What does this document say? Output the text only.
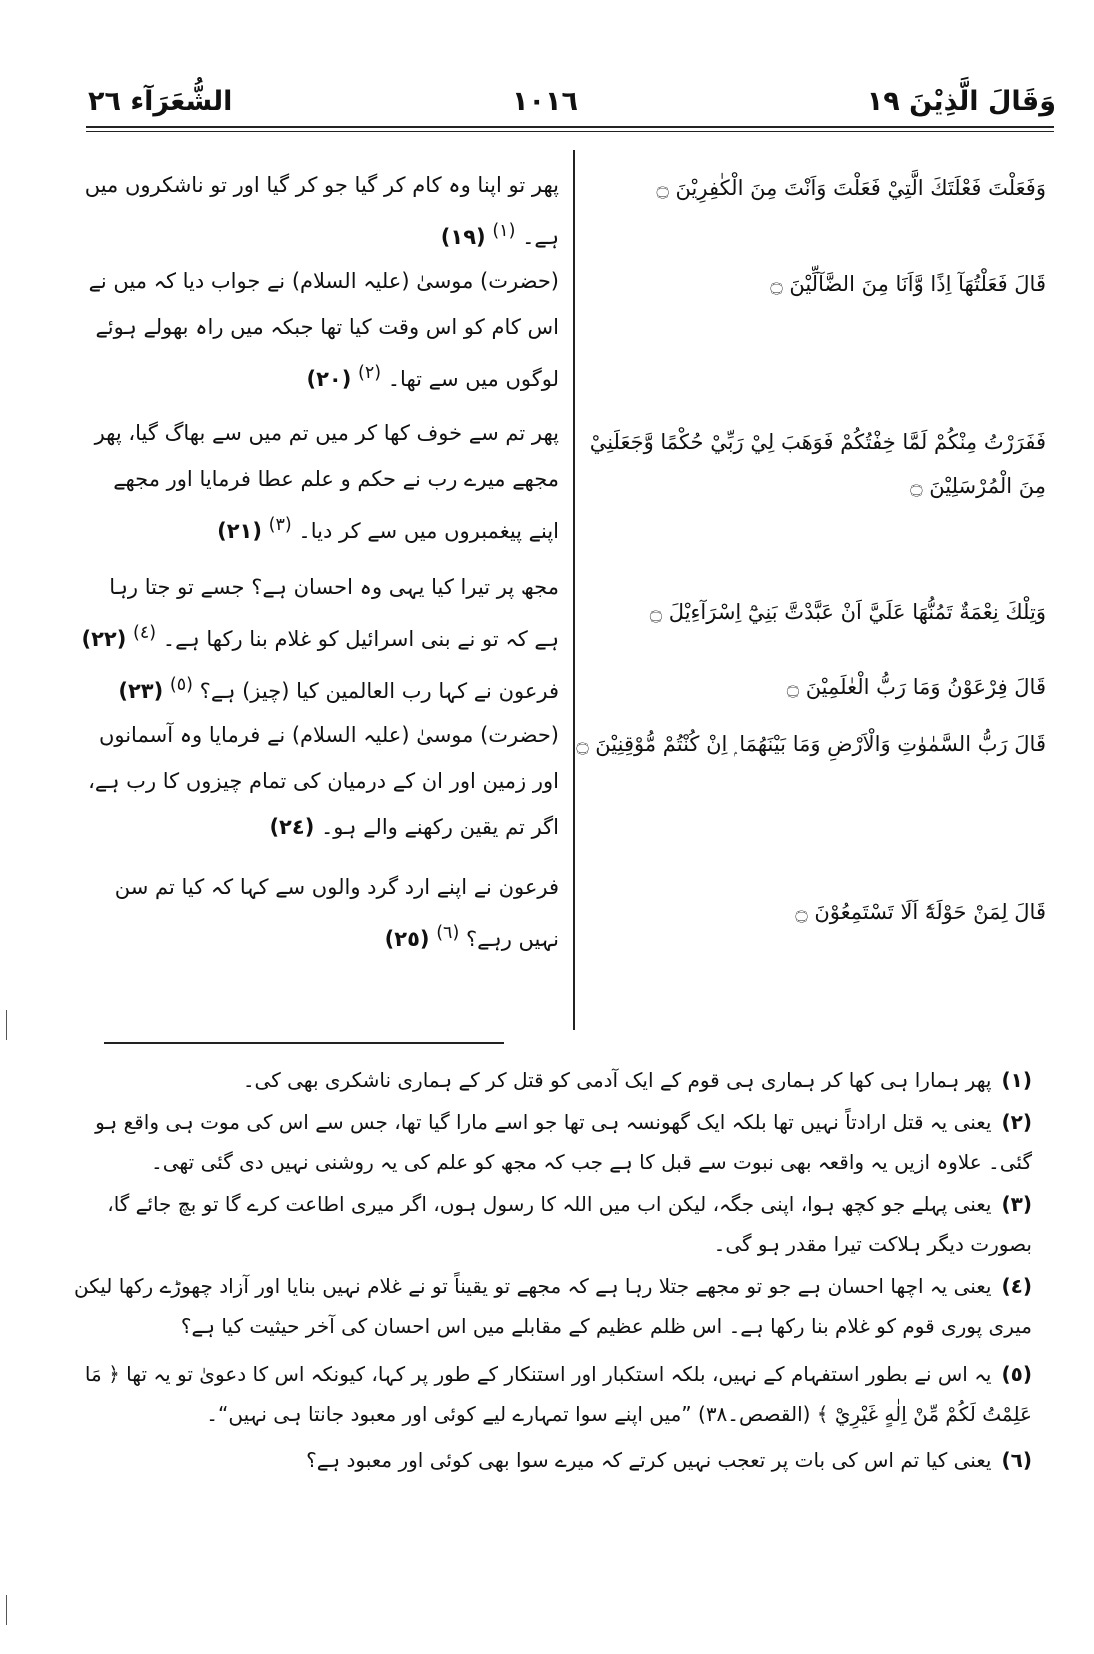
وَقَالَ الَّذِيْنَ ١٩
١٠١٦
الشُّعَرَآء ٢٦
وَفَعَلْتَ فَعْلَتَكَ الَّتِيْ فَعَلْتَ وَاَنْتَ مِنَ الْكٰفِرِيْنَ ۝
پھر تو اپنا وہ کام کر گیا جو کر گیا اور تو ناشکروں میں ہے۔ $^{(١)}$ (١٩)
قَالَ فَعَلْتُهَآ اِذًا وَّاَنَا مِنَ الضَّآلِّيْنَ ۝
(حضرت) موسیٰ (علیہ السلام) نے جواب دیا کہ میں نے اس کام کو اس وقت کیا تھا جبکہ میں راہ بھولے ہوئے لوگوں میں سے تھا۔ $^{(٢)}$ (٢٠)
فَفَرَرْتُ مِنْكُمْ لَمَّا خِفْتُكُمْ فَوَهَبَ لِيْ رَبِّيْ حُكْمًا وَّجَعَلَنِيْ
مِنَ الْمُرْسَلِيْنَ ۝
پھر تم سے خوف کھا کر میں تم میں سے بھاگ گیا، پھر مجھے میرے رب نے حکم و علم عطا فرمایا اور مجھے اپنے پیغمبروں میں سے کر دیا۔ $^{(٣)}$ (٢١)
وَتِلْكَ نِعْمَةٌ تَمُنُّهَا عَلَيَّ اَنْ عَبَّدْتَّ بَنِيْٓ اِسْرَآءِيْلَ ۝
مجھ پر تیرا کیا یہی وہ احسان ہے؟ جسے تو جتا رہا ہے کہ تو نے بنی اسرائیل کو غلام بنا رکھا ہے۔ $^{(٤)}$ (٢٢)
قَالَ فِرْعَوْنُ وَمَا رَبُّ الْعٰلَمِيْنَ ۝
فرعون نے کہا رب العالمین کیا (چیز) ہے؟ $^{(٥)}$ (٢٣)
قَالَ رَبُّ السَّمٰوٰتِ وَالْاَرْضِ وَمَا بَيْنَهُمَا ۭ اِنْ كُنْتُمْ مُّوْقِنِيْنَ ۝
(حضرت) موسیٰ (علیہ السلام) نے فرمایا وہ آسمانوں اور زمین اور ان کے درمیان کی تمام چیزوں کا رب ہے، اگر تم یقین رکھنے والے ہو۔ (٢٤)
قَالَ لِمَنْ حَوْلَهٗٓ اَلَا تَسْتَمِعُوْنَ ۝
فرعون نے اپنے ارد گرد والوں سے کہا کہ کیا تم سن نہیں رہے؟ $^{(٦)}$ (٢٥)
(١)پھر ہمارا ہی کھا کر ہماری ہی قوم کے ایک آدمی کو قتل کر کے ہماری ناشکری بھی کی۔
(٢)یعنی یہ قتل ارادتاً نہیں تھا بلکہ ایک گھونسہ ہی تھا جو اسے مارا گیا تھا، جس سے اس کی موت ہی واقع ہو گئی۔ علاوہ ازیں یہ واقعہ بھی نبوت سے قبل کا ہے جب کہ مجھ کو علم کی یہ روشنی نہیں دی گئی تھی۔
(٣)یعنی پہلے جو کچھ ہوا، اپنی جگہ، لیکن اب میں اللہ کا رسول ہوں، اگر میری اطاعت کرے گا تو بچ جائے گا، بصورت دیگر ہلاکت تیرا مقدر ہو گی۔
(٤)یعنی یہ اچھا احسان ہے جو تو مجھے جتلا رہا ہے کہ مجھے تو یقیناً تو نے غلام نہیں بنایا اور آزاد چھوڑے رکھا لیکن میری پوری قوم کو غلام بنا رکھا ہے۔ اس ظلم عظیم کے مقابلے میں اس احسان کی آخر حیثیت کیا ہے؟
(٥)یہ اس نے بطور استفہام کے نہیں، بلکہ استکبار اور استنکار کے طور پر کہا، کیونکہ اس کا دعویٰ تو یہ تھا ﴿ مَا عَلِمْتُ لَكُمْ مِّنْ اِلٰهٍ غَيْرِيْ ﴾ (القصص۔٣٨) ”میں اپنے سوا تمہارے لیے کوئی اور معبود جانتا ہی نہیں“۔
(٦)یعنی کیا تم اس کی بات پر تعجب نہیں کرتے کہ میرے سوا بھی کوئی اور معبود ہے؟
